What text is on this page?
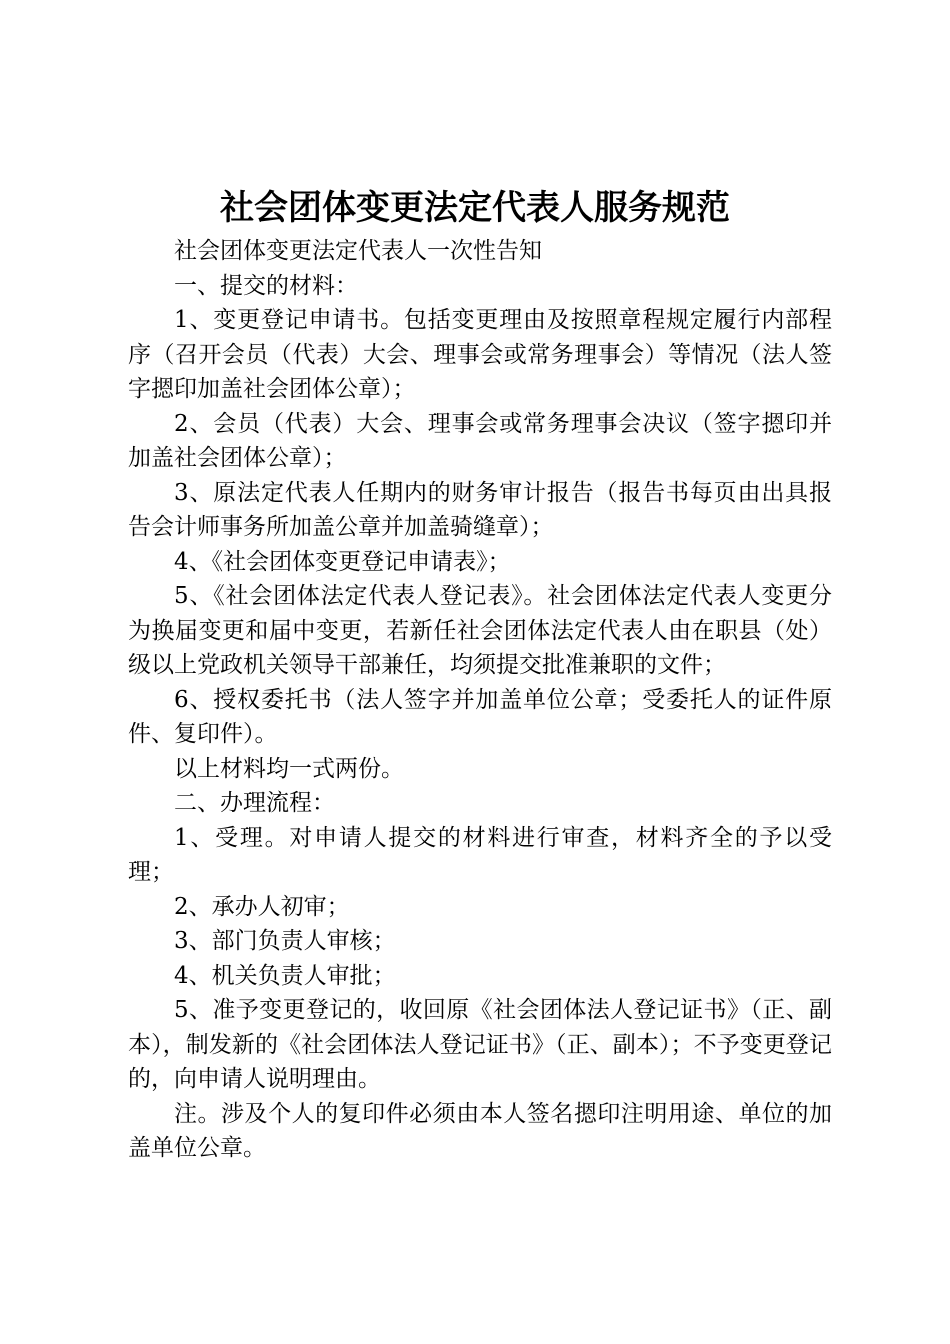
社会团体变更法定代表人服务规范

社会团体变更法定代表人一次性告知

一、提交的材料：

1、变更登记申请书。包括变更理由及按照章程规定履行内部程序（召开会员（代表）大会、理事会或常务理事会）等情况（法人签字摁印加盖社会团体公章）；

2、会员（代表）大会、理事会或常务理事会决议（签字摁印并加盖社会团体公章）；

3、原法定代表人任期内的财务审计报告（报告书每页由出具报告会计师事务所加盖公章并加盖骑缝章）；

4、《社会团体变更登记申请表》；

5、《社会团体法定代表人登记表》。社会团体法定代表人变更分为换届变更和届中变更，若新任社会团体法定代表人由在职县（处）级以上党政机关领导干部兼任，均须提交批准兼职的文件；

6、授权委托书（法人签字并加盖单位公章；受委托人的证件原件、复印件）。

以上材料均一式两份。

二、办理流程：

1、受理。对申请人提交的材料进行审查，材料齐全的予以受理；

2、承办人初审；

3、部门负责人审核；

4、机关负责人审批；

5、准予变更登记的，收回原《社会团体法人登记证书》（正、副本），制发新的《社会团体法人登记证书》（正、副本）；不予变更登记的，向申请人说明理由。

注。涉及个人的复印件必须由本人签名摁印注明用途、单位的加盖单位公章。
